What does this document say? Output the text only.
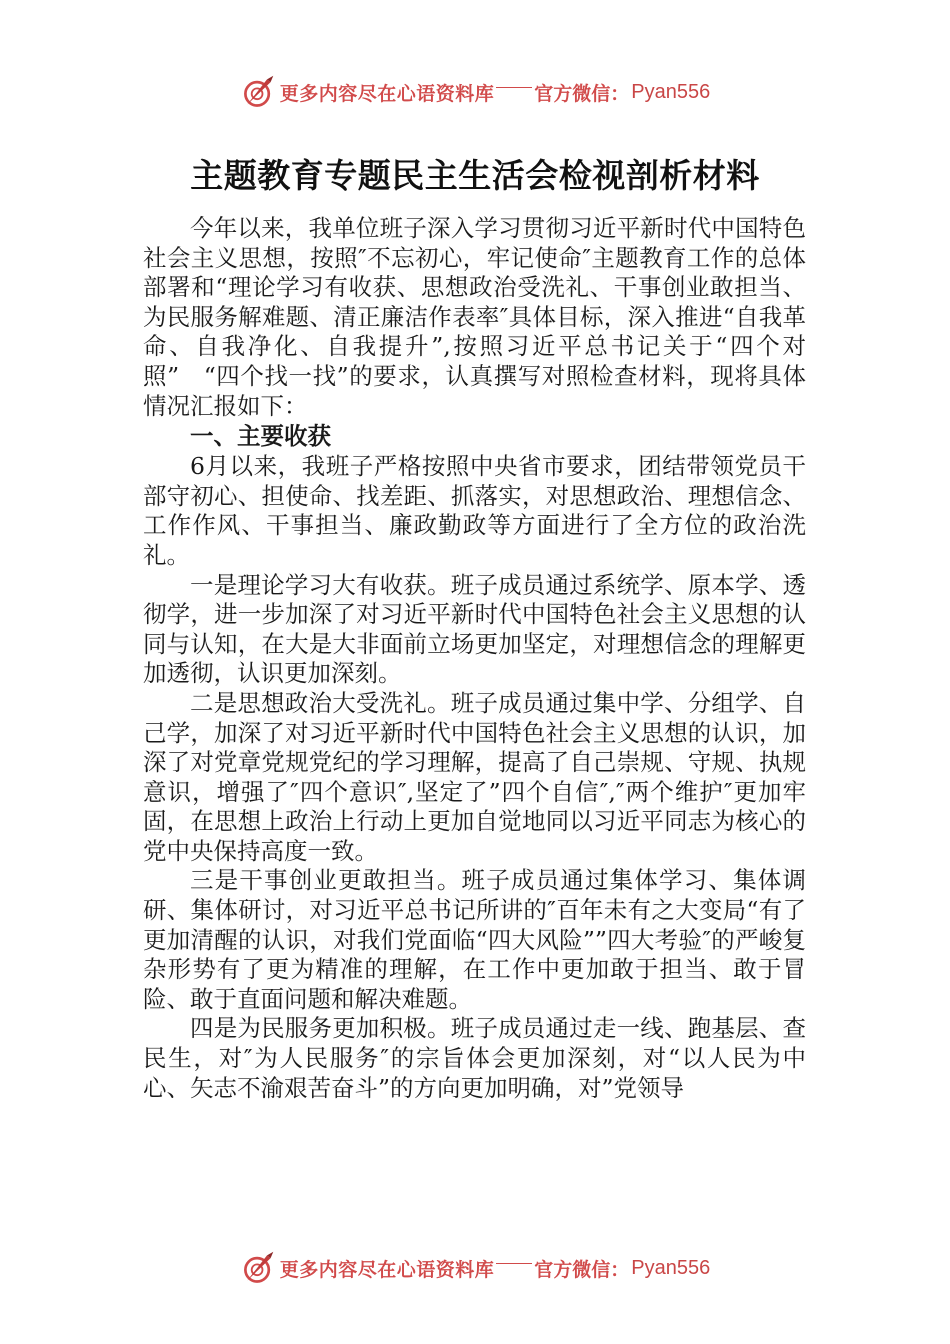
更多内容尽在心语资料库 官方微信： Pyan556
主题教育专题民主生活会检视剖析材料

今年以来，我单位班子深入学习贯彻习近平新时代中国特色社会主义思想，按照″不忘初心，牢记使命″主题教育工作的总体部署和“理论学习有收获、思想政治受洗礼、干事创业敢担当、为民服务解难题、清正廉洁作表率″具体目标，深入推进“自我革命、自我净化、自我提升”,按照习近平总书记关于“四个对照”　“四个找一找”的要求，认真撰写对照检查材料，现将具体情况汇报如下：

一、主要收获

6月以来，我班子严格按照中央省市要求，团结带领党员干部守初心、担使命、找差距、抓落实，对思想政治、理想信念、工作作风、干事担当、廉政勤政等方面进行了全方位的政治洗礼。

一是理论学习大有收获。班子成员通过系统学、原本学、透彻学，进一步加深了对习近平新时代中国特色社会主义思想的认同与认知，在大是大非面前立场更加坚定，对理想信念的理解更加透彻，认识更加深刻。

二是思想政治大受洗礼。班子成员通过集中学、分组学、自己学，加深了对习近平新时代中国特色社会主义思想的认识，加深了对党章党规党纪的学习理解，提高了自己崇规、守规、执规意识，增强了″四个意识″,坚定了”四个自信″,″两个维护″更加牢固，在思想上政治上行动上更加自觉地同以习近平同志为核心的党中央保持高度一致。

三是干事创业更敢担当。班子成员通过集体学习、集体调研、集体研讨，对习近平总书记所讲的″百年未有之大变局“有了更加清醒的认识，对我们党面临“四大风险””四大考验″的严峻复杂形势有了更为精准的理解，在工作中更加敢于担当、敢于冒险、敢于直面问题和解决难题。

四是为民服务更加积极。班子成员通过走一线、跑基层、查民生，对″为人民服务″的宗旨体会更加深刻，对“以人民为中心、矢志不渝艰苦奋斗”的方向更加明确，对”党领导

更多内容尽在心语资料库 官方微信： Pyan556
